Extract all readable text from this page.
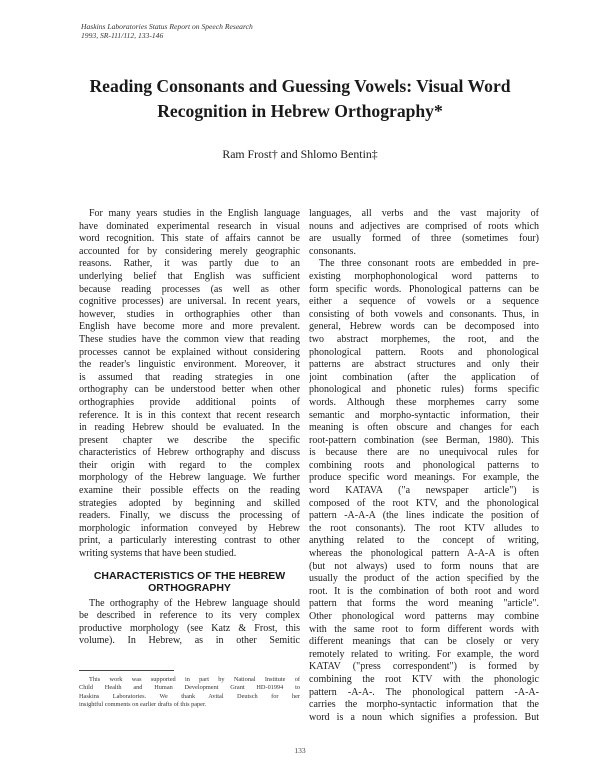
Haskins Laboratories Status Report on Speech Research
1993, SR-111/112, 133-146
Reading Consonants and Guessing Vowels: Visual Word
Recognition in Hebrew Orthography*
Ram Frost† and Shlomo Bentin‡
For many years studies in the English language
have dominated experimental research in visual
word recognition. This state of affairs cannot be
accounted for by considering merely geographic
reasons. Rather, it was partly due to an
underlying belief that English was sufficient
because reading processes (as well as other
cognitive processes) are universal. In recent years,
however, studies in orthographies other than
English have become more and more prevalent.
These studies have the common view that reading
processes cannot be explained without considering
the reader's linguistic environment. Moreover, it
is assumed that reading strategies in one
orthography can be understood better when other
orthographies provide additional points of
reference. It is in this context that recent research
in reading Hebrew should be evaluated. In the
present chapter we describe the specific
characteristics of Hebrew orthography and discuss
their origin with regard to the complex
morphology of the Hebrew language. We further
examine their possible effects on the reading
strategies adopted by beginning and skilled
readers. Finally, we discuss the processing of
morphologic information conveyed by Hebrew
print, a particularly interesting contrast to other
writing systems that have been studied.
CHARACTERISTICS OF THE HEBREW
ORTHOGRAPHY
The orthography of the Hebrew language should
be described in reference to its very complex
productive morphology (see Katz & Frost, this
volume). In Hebrew, as in other Semitic
languages, all verbs and the vast majority of
nouns and adjectives are comprised of roots which
are usually formed of three (sometimes four)
consonants.
The three consonant roots are embedded in pre-
existing morphophonological word patterns to
form specific words. Phonological patterns can be
either a sequence of vowels or a sequence
consisting of both vowels and consonants. Thus, in
general, Hebrew words can be decomposed into
two abstract morphemes, the root, and the
phonological pattern. Roots and phonological
patterns are abstract structures and only their
joint combination (after the application of
phonological and phonetic rules) forms specific
words. Although these morphemes carry some
semantic and morpho-syntactic information, their
meaning is often obscure and changes for each
root-pattern combination (see Berman, 1980). This
is because there are no unequivocal rules for
combining roots and phonological patterns to
produce specific word meanings. For example, the
word KATAVA ("a newspaper article") is
composed of the root KTV, and the phonological
pattern -A-A-A (the lines indicate the position of
the root consonants). The root KTV alludes to
anything related to the concept of writing,
whereas the phonological pattern A-A-A is often
(but not always) used to form nouns that are
usually the product of the action specified by the
root. It is the combination of both root and word
pattern that forms the word meaning "article".
Other phonological word patterns may combine
with the same root to form different words with
different meanings that can be closely or very
remotely related to writing. For example, the word
KATAV ("press correspondent") is formed by
combining the root KTV with the phonologic
pattern -A-A-. The phonological pattern -A-A-
carries the morpho-syntactic information that the
word is a noun which signifies a profession. But
This work was supported in part by National Institute of
Child Health and Human Development Grant HD-01994 to
Haskins Laboratories. We thank Avital Deutsch for her
insightful comments on earlier drafts of this paper.
133
